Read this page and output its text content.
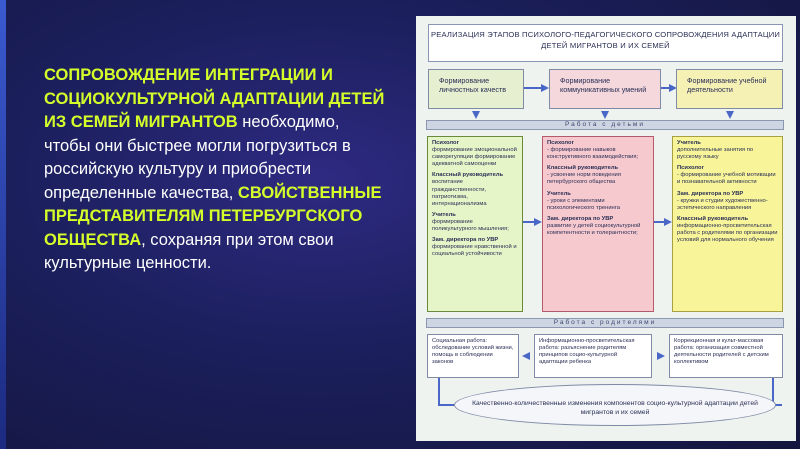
СОПРОВОЖДЕНИЕ ИНТЕГРАЦИИ И СОЦИОКУЛЬТУРНОЙ АДАПТАЦИИ ДЕТЕЙ ИЗ СЕМЕЙ МИГРАНТОВ необходимо, чтобы они быстрее могли погрузиться в российскую культуру и приобрести определенные качества, СВОЙСТВЕННЫЕ ПРЕДСТАВИТЕЛЯМ ПЕТЕРБУРГСКОГО ОБЩЕСТВА, сохраняя при этом свои культурные ценности.
РЕАЛИЗАЦИЯ ЭТАПОВ ПСИХОЛОГО-ПЕДАГОГИЧЕСКОГО СОПРОВОЖДЕНИЯ АДАПТАЦИИ ДЕТЕЙ МИГРАНТОВ И ИХ СЕМЕЙ
Формирование личностных качеств
Формирование коммуникативных умений
Формирование учебной деятельности
Работа с детьми
Психолог
формирование эмоциональной саморегуляции формирование адекватной самооценки
Классный руководитель
воспитание гражданственности, патриотизма, интернационализма
Учитель
формирование поликультурного мышления;
Зам. директора по УВР
формирование нравственной и социальной устойчивости
Психолог
- формирование навыков конструктивного взаимодействия;
Классный руководитель
- усвоение норм поведения петербургского общества
Учитель
- уроки с элементами психологического тренинга
Зам. директора по УВР
развитие у детей социокультурной компетентности и толерантности;
Учитель
дополнительные занятия по русскому языку
Психолог
- формирование учебной мотивации и познавательной активности
Зам. директора по УВР
- кружки и студии художественно-эстетического направления
Классный руководитель
информационно-просветительская работа с родителями по организации условий для нормального обучения
Работа с родителями
Социальная работа: обследование условий жизни, помощь в соблюдении законов
Информационно-просветительская работа: разъяснение родителям принципов социо-культурной адаптации ребенка
Коррекционная и культ-массовая работа: организация совместной деятельности родителей с детским коллективом
Качественно-количественные изменения компонентов социо-культурной адаптации детей мигрантов и их семей
